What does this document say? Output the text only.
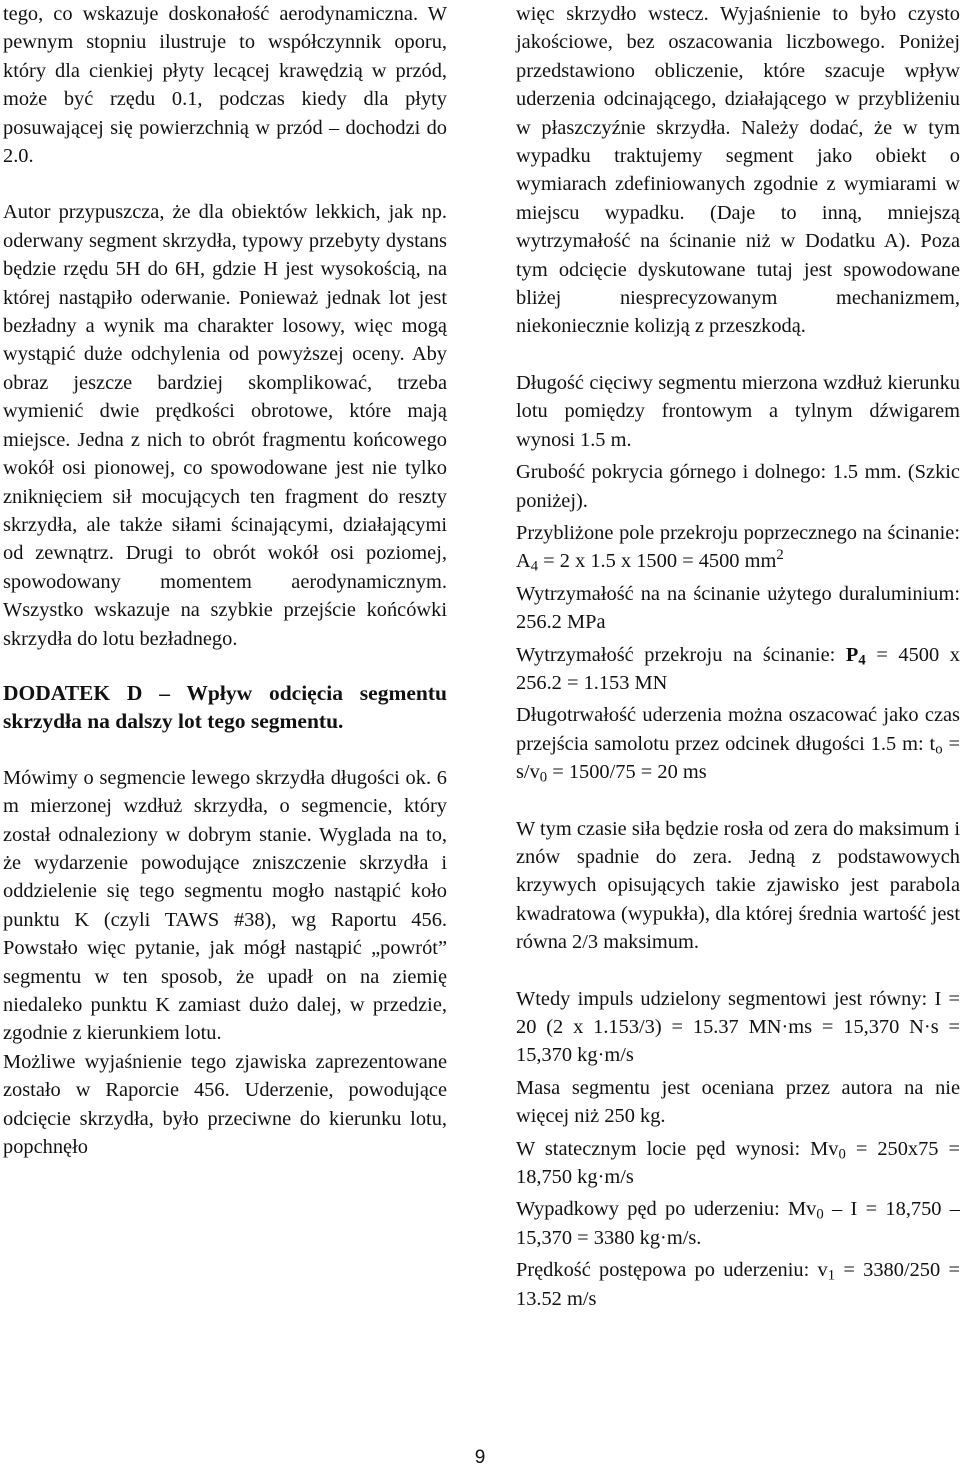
tego, co wskazuje doskonałość aerodynamiczna. W pewnym stopniu ilustruje to współczynnik oporu, który dla cienkiej płyty lecącej krawędzią w przód, może być rzędu 0.1, podczas kiedy dla płyty posuwającej się powierzchnią w przód – dochodzi do 2.0.

Autor przypuszcza, że dla obiektów lekkich, jak np. oderwany segment skrzydła, typowy przebyty dystans będzie rzędu 5H do 6H, gdzie H jest wysokością, na której nastąpiło oderwanie. Ponieważ jednak lot jest bezładny a wynik ma charakter losowy, więc mogą wystąpić duże odchylenia od powyższej oceny. Aby obraz jeszcze bardziej skomplikować, trzeba wymienić dwie prędkości obrotowe, które mają miejsce. Jedna z nich to obrót fragmentu końcowego wokół osi pionowej, co spowodowane jest nie tylko zniknięciem sił mocujących ten fragment do reszty skrzydła, ale także siłami ścinającymi, działającymi od zewnątrz. Drugi to obrót wokół osi poziomej, spowodowany momentem aerodynamicznym. Wszystko wskazuje na szybkie przejście końcówki skrzydła do lotu bezładnego.

DODATEK D – Wpływ odcięcia segmentu skrzydła na dalszy lot tego segmentu.

Mówimy o segmencie lewego skrzydła długości ok. 6 m mierzonej wzdłuż skrzydła, o segmencie, który został odnaleziony w dobrym stanie. Wyglada na to, że wydarzenie powodujące zniszczenie skrzydła i oddzielenie się tego segmentu mogło nastąpić koło punktu K (czyli TAWS #38), wg Raportu 456. Powstało więc pytanie, jak mógł nastąpić „powrót” segmentu w ten sposob, że upadł on na ziemię niedaleko punktu K zamiast dużo dalej, w przedzie, zgodnie z kierunkiem lotu.

Możliwe wyjaśnienie tego zjawiska zaprezentowane zostało w Raporcie 456. Uderzenie, powodujące odcięcie skrzydła, było przeciwne do kierunku lotu, popchnęło

więc skrzydło wstecz. Wyjaśnienie to było czysto jakościowe, bez oszacowania liczbowego. Poniżej przedstawiono obliczenie, które szacuje wpływ uderzenia odcinającego, działającego w przybliżeniu w płaszczyźnie skrzydła. Należy dodać, że w tym wypadku traktujemy segment jako obiekt o wymiarach zdefiniowanych zgodnie z wymiarami w miejscu wypadku. (Daje to inną, mniejszą wytrzymałość na ścinanie niż w Dodatku A). Poza tym odcięcie dyskutowane tutaj jest spowodowane bliżej niesprecyzowanym mechanizmem, niekoniecznie kolizją z przeszkodą.

Długość cięciwy segmentu mierzona wzdłuż kierunku lotu pomiędzy frontowym a tylnym dźwigarem wynosi 1.5 m.

Grubość pokrycia górnego i dolnego: 1.5 mm. (Szkic poniżej).

Przybliżone pole przekroju poprzecznego na ścinanie: $A_4 = 2$ x 1.5 x 1500 = 4500 $mm^2$

Wytrzymałość na na ścinanie użytego duraluminium: 256.2 MPa

Wytrzymałość przekroju na ścinanie: $P_4 = 4500$ x 256.2 = 1.153 MN

Długotrwałość uderzenia można oszacować jako czas przejścia samolotu przez odcinek długości 1.5 m: $t_o = s/v_0 = 1500/75 = 20$ ms

W tym czasie siła będzie rosła od zera do maksimum i znów spadnie do zera. Jedną z podstawowych krzywych opisujących takie zjawisko jest parabola kwadratowa (wypukła), dla której średnia wartość jest równa 2/3 maksimum.

Wtedy impuls udzielony segmentowi jest równy: I = 20 (2 x 1.153/3) = 15.37 MN·ms = 15,370 N·s = 15,370 kg·m/s

Masa segmentu jest oceniana przez autora na nie więcej niż 250 kg.

W statecznym locie pęd wynosi: $Mv_0 = 250x75 = 18,750$ kg·m/s

Wypadkowy pęd po uderzeniu: $Mv_0 - I = 18,750 - 15,370 = 3380$ kg·m/s.

Prędkość postępowa po uderzeniu: $v_1 = 3380/250 = 13.52$ m/s

9
